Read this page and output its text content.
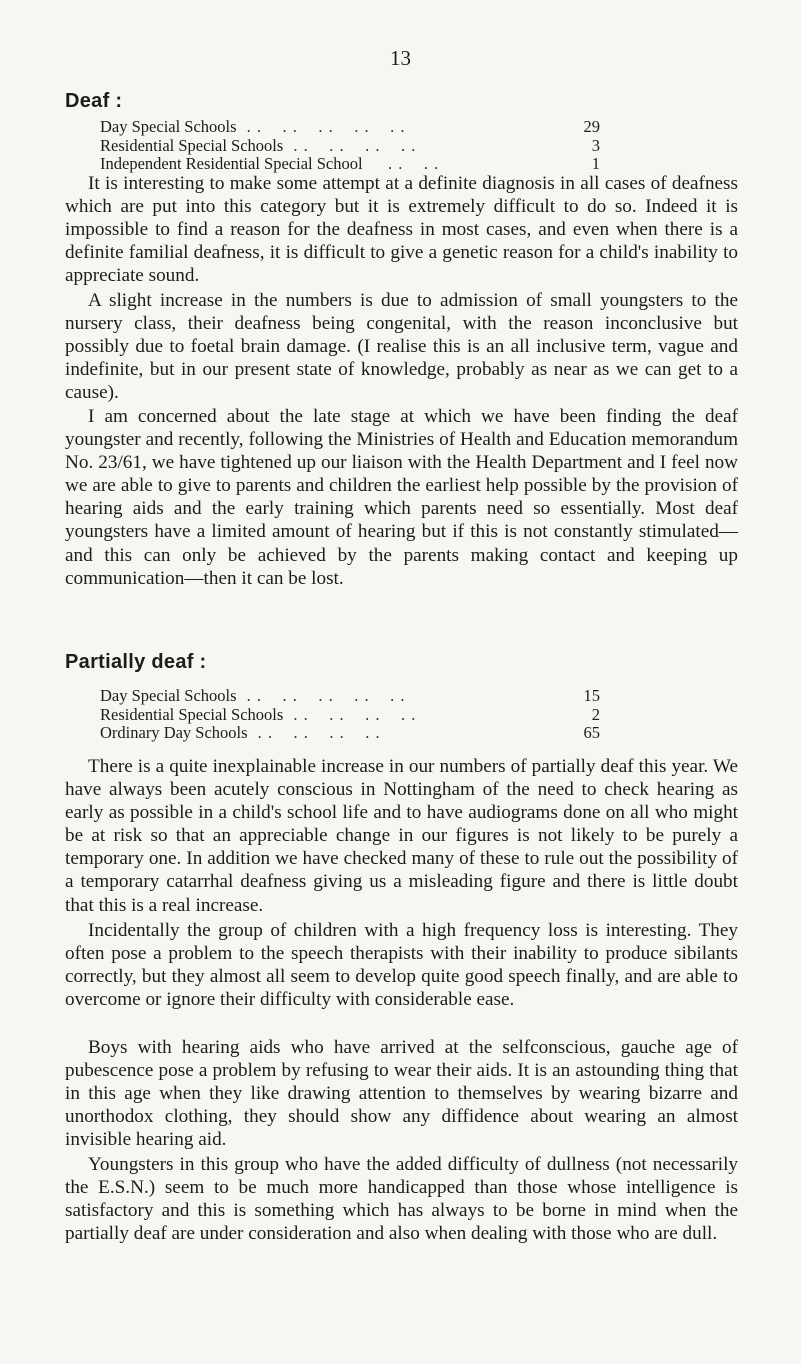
13
Deaf :
Day Special Schools . .    . .    . .    . .    . .	29
Residential Special Schools . .    . .    . .    . .	3
Independent Residential Special School . .    . .	1

It is interesting to make some attempt at a definite diagnosis in all cases of deafness which are put into this category but it is extremely difficult to do so. Indeed it is impossible to find a reason for the deafness in most cases, and even when there is a definite familial deafness, it is difficult to give a genetic reason for a child's inability to appreciate sound.

A slight increase in the numbers is due to admission of small youngsters to the nursery class, their deafness being congenital, with the reason inconclusive but possibly due to foetal brain damage. (I realise this is an all inclusive term, vague and indefinite, but in our present state of knowledge, probably as near as we can get to a cause).

I am concerned about the late stage at which we have been finding the deaf youngster and recently, following the Ministries of Health and Education memorandum No. 23/61, we have tightened up our liaison with the Health Department and I feel now we are able to give to parents and children the earliest help possible by the provision of hearing aids and the early training which parents need so essentially. Most deaf youngsters have a limited amount of hearing but if this is not constantly stimulated— and this can only be achieved by the parents making contact and keeping up communication—then it can be lost.

Partially deaf :
Day Special Schools . .    . .    . .    . .    . .	15
Residential Special Schools . .    . .    . .    . .	2
Ordinary Day Schools . .    . .    . .    . .	65

There is a quite inexplainable increase in our numbers of partially deaf this year. We have always been acutely conscious in Nottingham of the need to check hearing as early as possible in a child's school life and to have audiograms done on all who might be at risk so that an appreciable change in our figures is not likely to be purely a temporary one. In addition we have checked many of these to rule out the possibility of a temporary catarrhal deafness giving us a misleading figure and there is little doubt that this is a real increase.

Incidentally the group of children with a high frequency loss is interesting. They often pose a problem to the speech therapists with their inability to produce sibilants correctly, but they almost all seem to develop quite good speech finally, and are able to overcome or ignore their difficulty with considerable ease.

Boys with hearing aids who have arrived at the selfconscious, gauche age of pubescence pose a problem by refusing to wear their aids. It is an astounding thing that in this age when they like drawing attention to themselves by wearing bizarre and unorthodox clothing, they should show any diffidence about wearing an almost invisible hearing aid.

Youngsters in this group who have the added difficulty of dullness (not necessarily the E.S.N.) seem to be much more handicapped than those whose intelligence is satisfactory and this is something which has always to be borne in mind when the partially deaf are under consideration and also when dealing with those who are dull.
